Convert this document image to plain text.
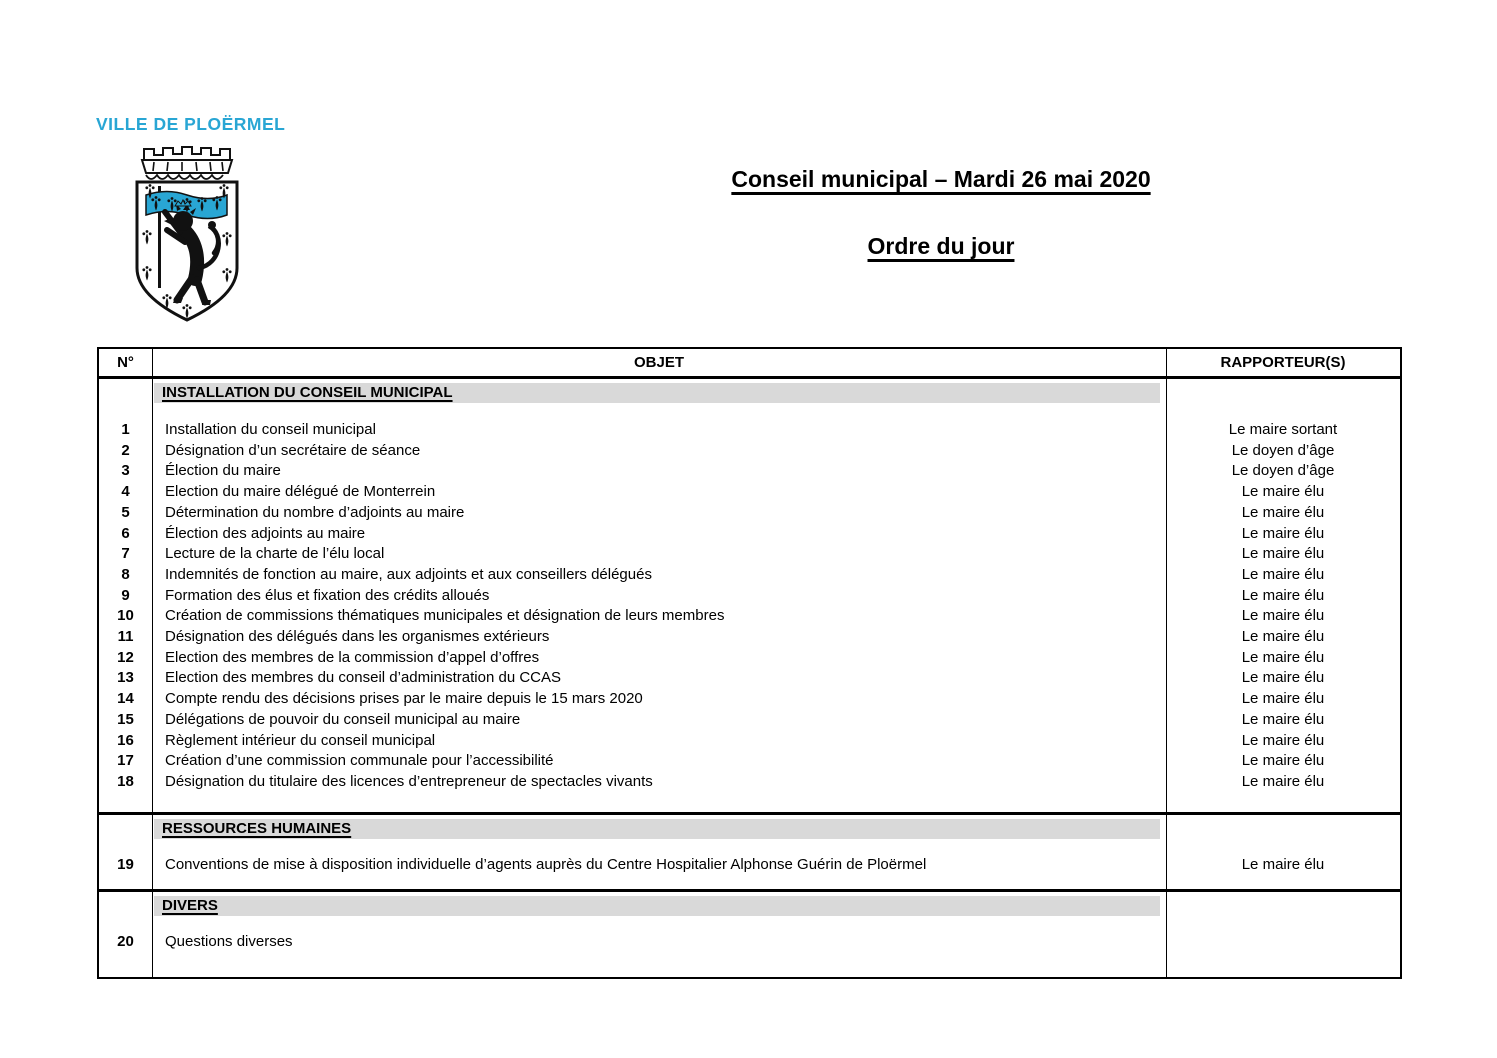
VILLE DE PLOËRMEL
Conseil municipal – Mardi 26 mai 2020
Ordre du jour
N°	OBJET	RAPPORTEUR(S)
INSTALLATION DU CONSEIL MUNICIPAL
1	Installation du conseil municipal	Le maire sortant
2	Désignation d’un secrétaire de séance	Le doyen d’âge
3	Élection du maire	Le doyen d’âge
4	Election du maire délégué de Monterrein	Le maire élu
5	Détermination du nombre d’adjoints au maire	Le maire élu
6	Élection des adjoints au maire	Le maire élu
7	Lecture de la charte de l’élu local	Le maire élu
8	Indemnités de fonction au maire, aux adjoints et aux conseillers délégués	Le maire élu
9	Formation des élus et fixation des crédits alloués	Le maire élu
10	Création de commissions thématiques municipales et désignation de leurs membres	Le maire élu
11	Désignation des délégués dans les organismes extérieurs	Le maire élu
12	Election des membres de la commission d’appel d’offres	Le maire élu
13	Election des membres du conseil d’administration du CCAS	Le maire élu
14	Compte rendu des décisions prises par le maire depuis le 15 mars 2020	Le maire élu
15	Délégations de pouvoir du conseil municipal au maire	Le maire élu
16	Règlement intérieur du conseil municipal	Le maire élu
17	Création d’une commission communale pour l’accessibilité	Le maire élu
18	Désignation du titulaire des licences d’entrepreneur de spectacles vivants	Le maire élu
RESSOURCES HUMAINES
19	Conventions de mise à disposition individuelle d’agents auprès du Centre Hospitalier Alphonse Guérin de Ploërmel	Le maire élu
DIVERS
20	Questions diverses
